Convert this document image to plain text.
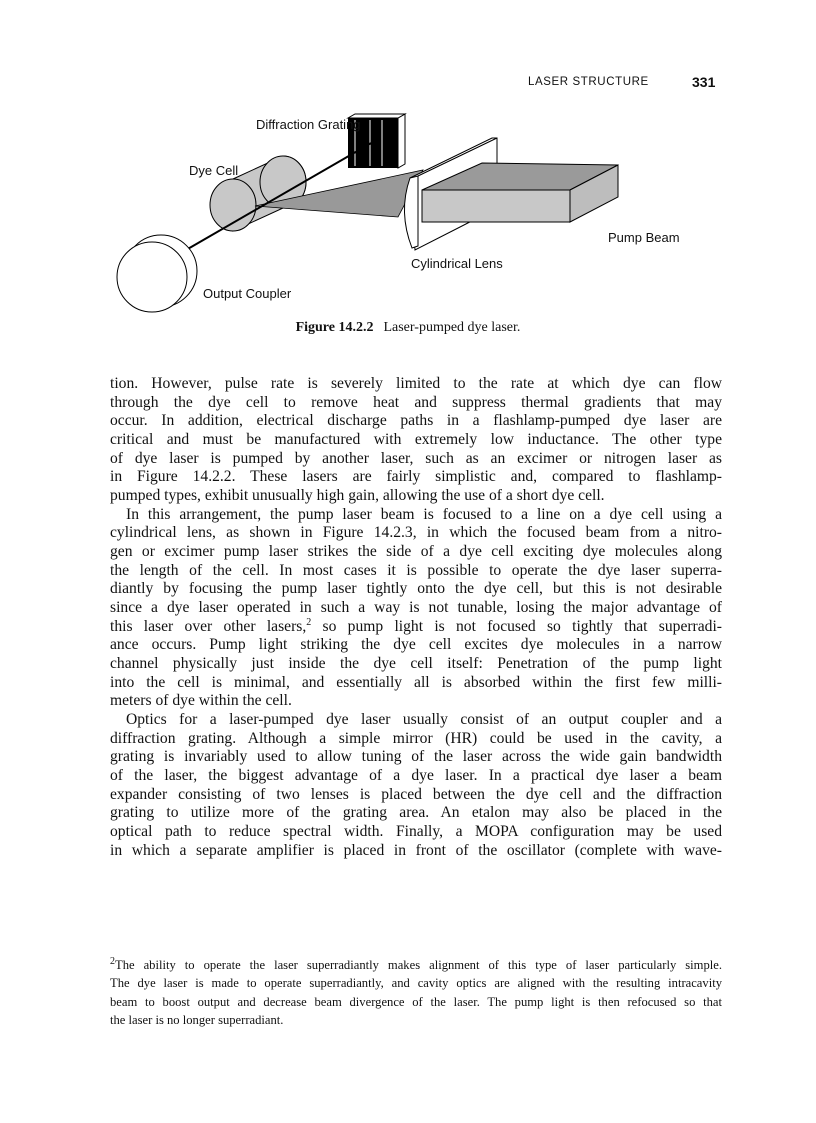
LASER STRUCTURE	331
Diffraction Grating
Dye Cell
Pump Beam
Cylindrical Lens
Output Coupler
Figure 14.2.2 Laser-pumped dye laser.
tion. However, pulse rate is severely limited to the rate at which dye can flow
through the dye cell to remove heat and suppress thermal gradients that may
occur. In addition, electrical discharge paths in a flashlamp-pumped dye laser are
critical and must be manufactured with extremely low inductance. The other type
of dye laser is pumped by another laser, such as an excimer or nitrogen laser as
in Figure 14.2.2. These lasers are fairly simplistic and, compared to flashlamp-
pumped types, exhibit unusually high gain, allowing the use of a short dye cell.
In this arrangement, the pump laser beam is focused to a line on a dye cell using a
cylindrical lens, as shown in Figure 14.2.3, in which the focused beam from a nitro-
gen or excimer pump laser strikes the side of a dye cell exciting dye molecules along
the length of the cell. In most cases it is possible to operate the dye laser superra-
diantly by focusing the pump laser tightly onto the dye cell, but this is not desirable
since a dye laser operated in such a way is not tunable, losing the major advantage of
this laser over other lasers,$^2$ so pump light is not focused so tightly that superradi-
ance occurs. Pump light striking the dye cell excites dye molecules in a narrow
channel physically just inside the dye cell itself: Penetration of the pump light
into the cell is minimal, and essentially all is absorbed within the first few milli-
meters of dye within the cell.
Optics for a laser-pumped dye laser usually consist of an output coupler and a
diffraction grating. Although a simple mirror (HR) could be used in the cavity, a
grating is invariably used to allow tuning of the laser across the wide gain bandwidth
of the laser, the biggest advantage of a dye laser. In a practical dye laser a beam
expander consisting of two lenses is placed between the dye cell and the diffraction
grating to utilize more of the grating area. An etalon may also be placed in the
optical path to reduce spectral width. Finally, a MOPA configuration may be used
in which a separate amplifier is placed in front of the oscillator (complete with wave-
$^2$The ability to operate the laser superradiantly makes alignment of this type of laser particularly simple.
The dye laser is made to operate superradiantly, and cavity optics are aligned with the resulting intracavity
beam to boost output and decrease beam divergence of the laser. The pump light is then refocused so that
the laser is no longer superradiant.
